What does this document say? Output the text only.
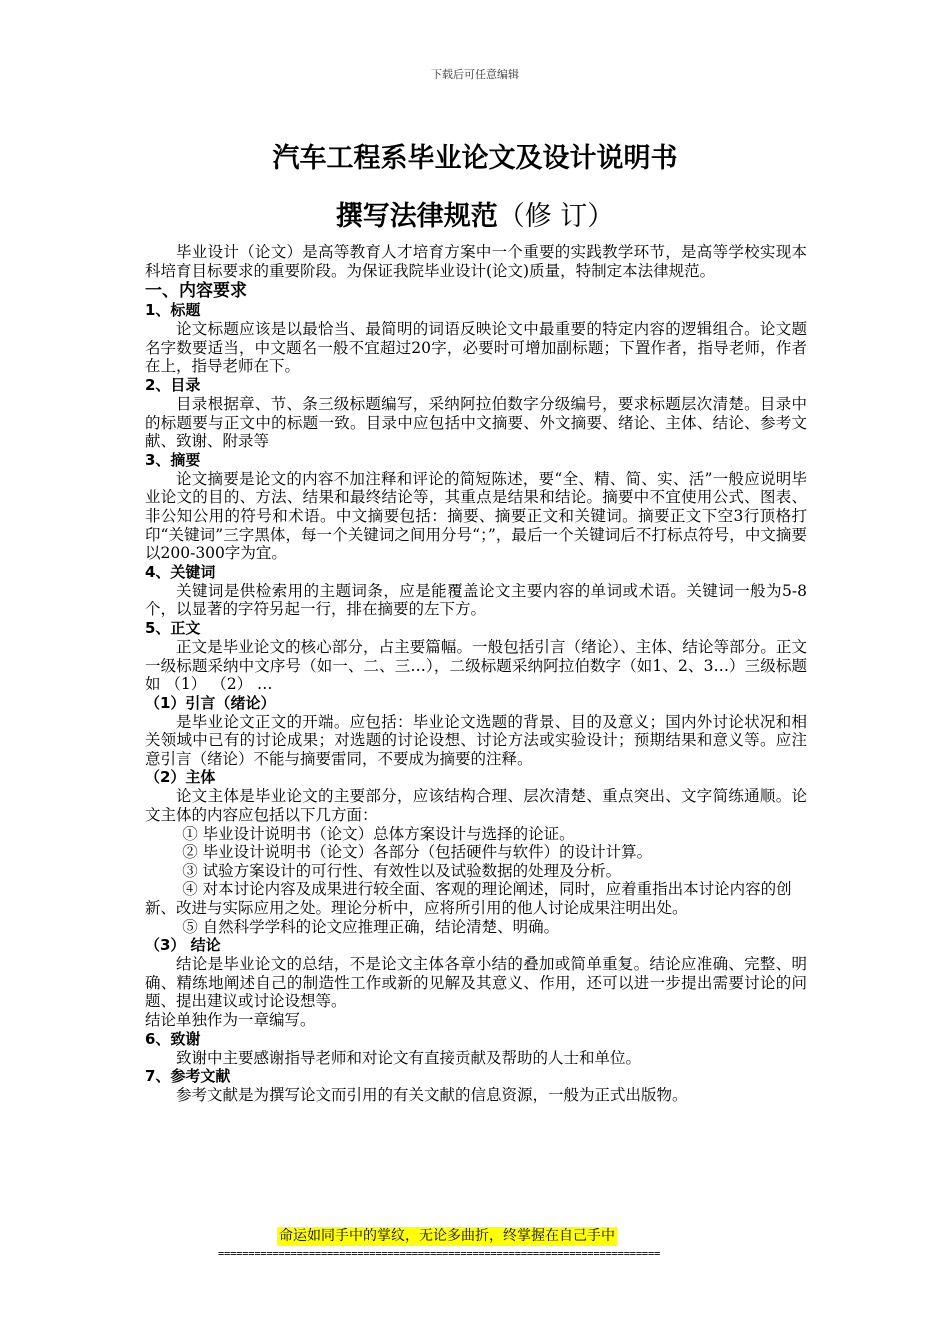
下载后可任意编辑
汽车工程系毕业论文及设计说明书
撰写法律规范（修 订）

毕业设计（论文）是高等教育人才培育方案中一个重要的实践教学环节，是高等学校实现本科培育目标要求的重要阶段。为保证我院毕业设计(论文)质量，特制定本法律规范。

一、内容要求
1、标题

论文标题应该是以最恰当、最简明的词语反映论文中最重要的特定内容的逻辑组合。论文题名字数要适当，中文题名一般不宜超过20字，必要时可增加副标题；下置作者，指导老师，作者在上，指导老师在下。

2、目录

目录根据章、节、条三级标题编写，采纳阿拉伯数字分级编号，要求标题层次清楚。目录中的标题要与正文中的标题一致。目录中应包括中文摘要、外文摘要、绪论、主体、结论、参考文献、致谢、附录等

3、摘要

论文摘要是论文的内容不加注释和评论的简短陈述，要“全、精、简、实、活”一般应说明毕业论文的目的、方法、结果和最终结论等，其重点是结果和结论。摘要中不宜使用公式、图表、非公知公用的符号和术语。中文摘要包括：摘要、摘要正文和关键词。摘要正文下空3行顶格打印“关键词”三字黑体，每一个关键词之间用分号“；”，最后一个关键词后不打标点符号，中文摘要以200-300字为宜。

4、关键词

关键词是供检索用的主题词条，应是能覆盖论文主要内容的单词或术语。关键词一般为5-8个，以显著的字符另起一行，排在摘要的左下方。

5、正文

正文是毕业论文的核心部分，占主要篇幅。一般包括引言（绪论）、主体、结论等部分。正文一级标题采纳中文序号（如一、二、三…），二级标题采纳阿拉伯数字（如1、2、3…）三级标题如 （1） （2） …

（1）引言（绪论）

是毕业论文正文的开端。应包括：毕业论文选题的背景、目的及意义；国内外讨论状况和相关领域中已有的讨论成果；对选题的讨论设想、讨论方法或实验设计；预期结果和意义等。应注意引言（绪论）不能与摘要雷同，不要成为摘要的注释。

（2）主体

论文主体是毕业论文的主要部分，应该结构合理、层次清楚、重点突出、文字简练通顺。论文主体的内容应包括以下几方面：

① 毕业设计说明书（论文）总体方案设计与选择的论证。

② 毕业设计说明书（论文）各部分（包括硬件与软件）的设计计算。

③ 试验方案设计的可行性、有效性以及试验数据的处理及分析。

④ 对本讨论内容及成果进行较全面、客观的理论阐述，同时，应着重指出本讨论内容的创新、改进与实际应用之处。理论分析中，应将所引用的他人讨论成果注明出处。

⑤ 自然科学学科的论文应推理正确，结论清楚、明确。

（3） 结论

结论是毕业论文的总结，不是论文主体各章小结的叠加或简单重复。结论应准确、完整、明确、精练地阐述自己的制造性工作或新的见解及其意义、作用，还可以进一步提出需要讨论的问题、提出建议或讨论设想等。

结论单独作为一章编写。

6、致谢

致谢中主要感谢指导老师和对论文有直接贡献及帮助的人士和单位。

7、参考文献

参考文献是为撰写论文而引用的有关文献的信息资源，一般为正式出版物。

命运如同手中的掌纹，无论多曲折，终掌握在自己手中
=========================================================================
